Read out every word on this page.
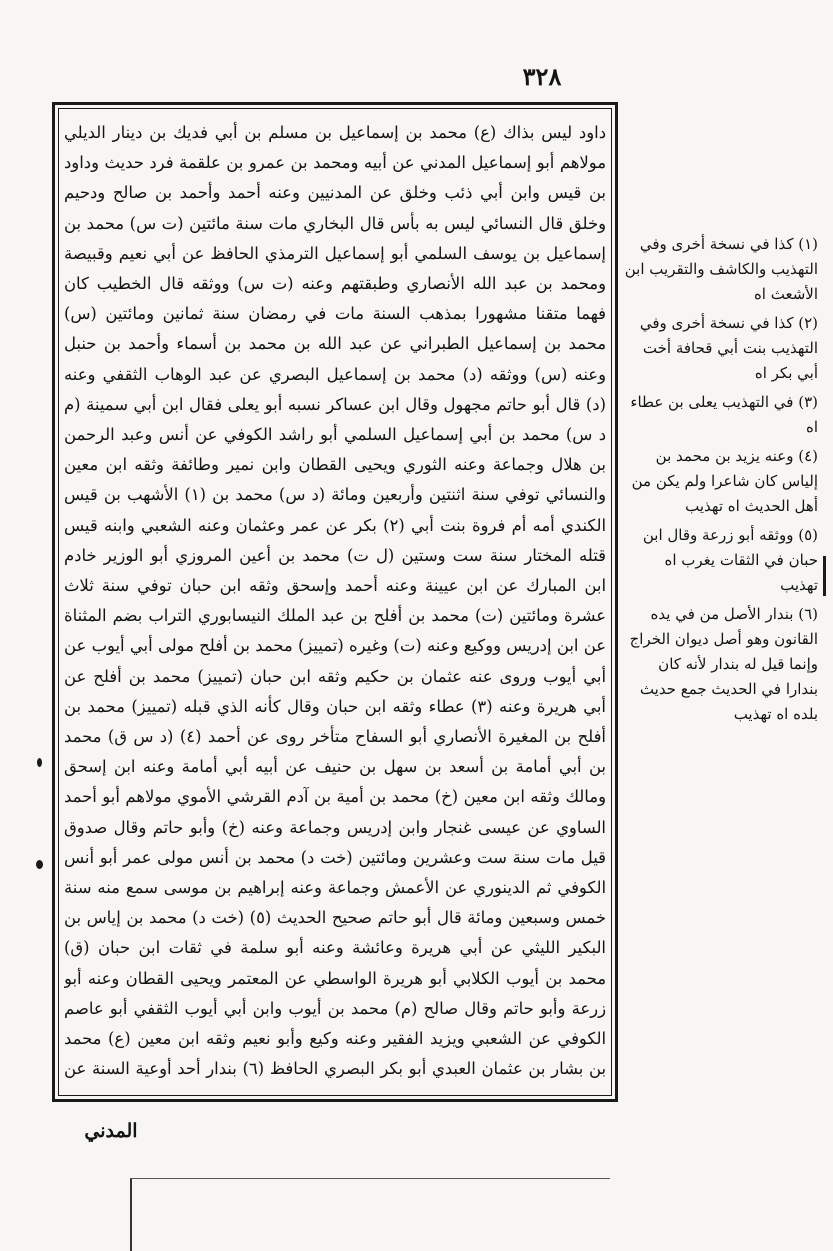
٣٢٨

داود ليس بذاك (ع) محمد بن إسماعيل بن مسلم بن أبي فديك بن دينار الديلي مولاهم أبو إسماعيل المدني عن أبيه ومحمد بن عمرو بن علقمة فرد حديث وداود بن قيس وابن أبي ذئب وخلق عن المدنيين وعنه أحمد وأحمد بن صالح ودحيم وخلق قال النسائي ليس به بأس قال البخاري مات سنة مائتين (ت س) محمد بن إسماعيل بن يوسف السلمي أبو إسماعيل الترمذي الحافظ عن أبي نعيم وقبيصة ومحمد بن عبد الله الأنصاري وطبقتهم وعنه (ت س) ووثقه قال الخطيب كان فهما متقنا مشهورا بمذهب السنة مات في رمضان سنة ثمانين ومائتين (س) محمد بن إسماعيل الطبراني عن عبد الله بن محمد بن أسماء وأحمد بن حنبل وعنه (س) ووثقه (د) محمد بن إسماعيل البصري عن عبد الوهاب الثقفي وعنه (د) قال أبو حاتم مجهول وقال ابن عساكر نسبه أبو يعلى فقال ابن أبي سمينة (م د س) محمد بن أبي إسماعيل السلمي أبو راشد الكوفي عن أنس وعبد الرحمن بن هلال وجماعة وعنه الثوري ويحيى القطان وابن نمير وطائفة وثقه ابن معين والنسائي توفي سنة اثنتين وأربعين ومائة (د س) محمد بن (١) الأشهب بن قيس الكندي أمه أم فروة بنت أبي (٢) بكر عن عمر وعثمان وعنه الشعبي وابنه قيس قتله المختار سنة ست وستين (ل ت) محمد بن أعين المروزي أبو الوزير خادم ابن المبارك عن ابن عيينة وعنه أحمد وإسحق وثقه ابن حبان توفي سنة ثلاث عشرة ومائتين (ت) محمد بن أفلح بن عبد الملك النيسابوري التراب بضم المثناة عن ابن إدريس ووكيع وعنه (ت) وغيره (تمييز) محمد بن أفلح مولى أبي أيوب عن أبي أيوب وروى عنه عثمان بن حكيم وثقه ابن حبان (تمييز) محمد بن أفلح عن أبي هريرة وعنه (٣) عطاء وثقه ابن حبان وقال كأنه الذي قبله (تمييز) محمد بن أفلح بن المغيرة الأنصاري أبو السفاح متأخر روى عن أحمد (٤) (د س ق) محمد بن أبي أمامة بن أسعد بن سهل بن حنيف عن أبيه أبي أمامة وعنه ابن إسحق ومالك وثقه ابن معين (خ) محمد بن أمية بن آدم القرشي الأموي مولاهم أبو أحمد الساوي عن عيسى غنجار وابن إدريس وجماعة وعنه (خ) وأبو حاتم وقال صدوق قيل مات سنة ست وعشرين ومائتين (خت د) محمد بن أنس مولى عمر أبو أنس الكوفي ثم الدينوري عن الأعمش وجماعة وعنه إبراهيم بن موسى سمع منه سنة خمس وسبعين ومائة قال أبو حاتم صحيح الحديث (٥) (خت د) محمد بن إياس بن البكير الليثي عن أبي هريرة وعائشة وعنه أبو سلمة في ثقات ابن حبان (ق) محمد بن أيوب الكلابي أبو هريرة الواسطي عن المعتمر ويحيى القطان وعنه أبو زرعة وأبو حاتم وقال صالح (م) محمد بن أيوب وابن أبي أيوب الثقفي أبو عاصم الكوفي عن الشعبي ويزيد الفقير وعنه وكيع وأبو نعيم وثقه ابن معين (ع) محمد بن بشار بن عثمان العبدي أبو بكر البصري الحافظ (٦) بندار أحد أوعية السنة عن

(١) كذا في نسخة أخرى وفي التهذيب والكاشف والتقريب ابن الأشعث اه

(٢) كذا في نسخة أخرى وفي التهذيب بنت أبي قحافة أخت أبي بكر اه

(٣) في التهذيب يعلى بن عطاء اه

(٤) وعنه يزيد بن محمد بن إلياس كان شاعرا ولم يكن من أهل الحديث اه تهذيب

(٥) ووثقه أبو زرعة وقال ابن حبان في الثقات يغرب اه تهذيب

(٦) بندار الأصل من في يده القانون وهو أصل ديوان الخراج وإنما قيل له بندار لأنه كان بندارا في الحديث جمع حديث بلده اه تهذيب

المدني
